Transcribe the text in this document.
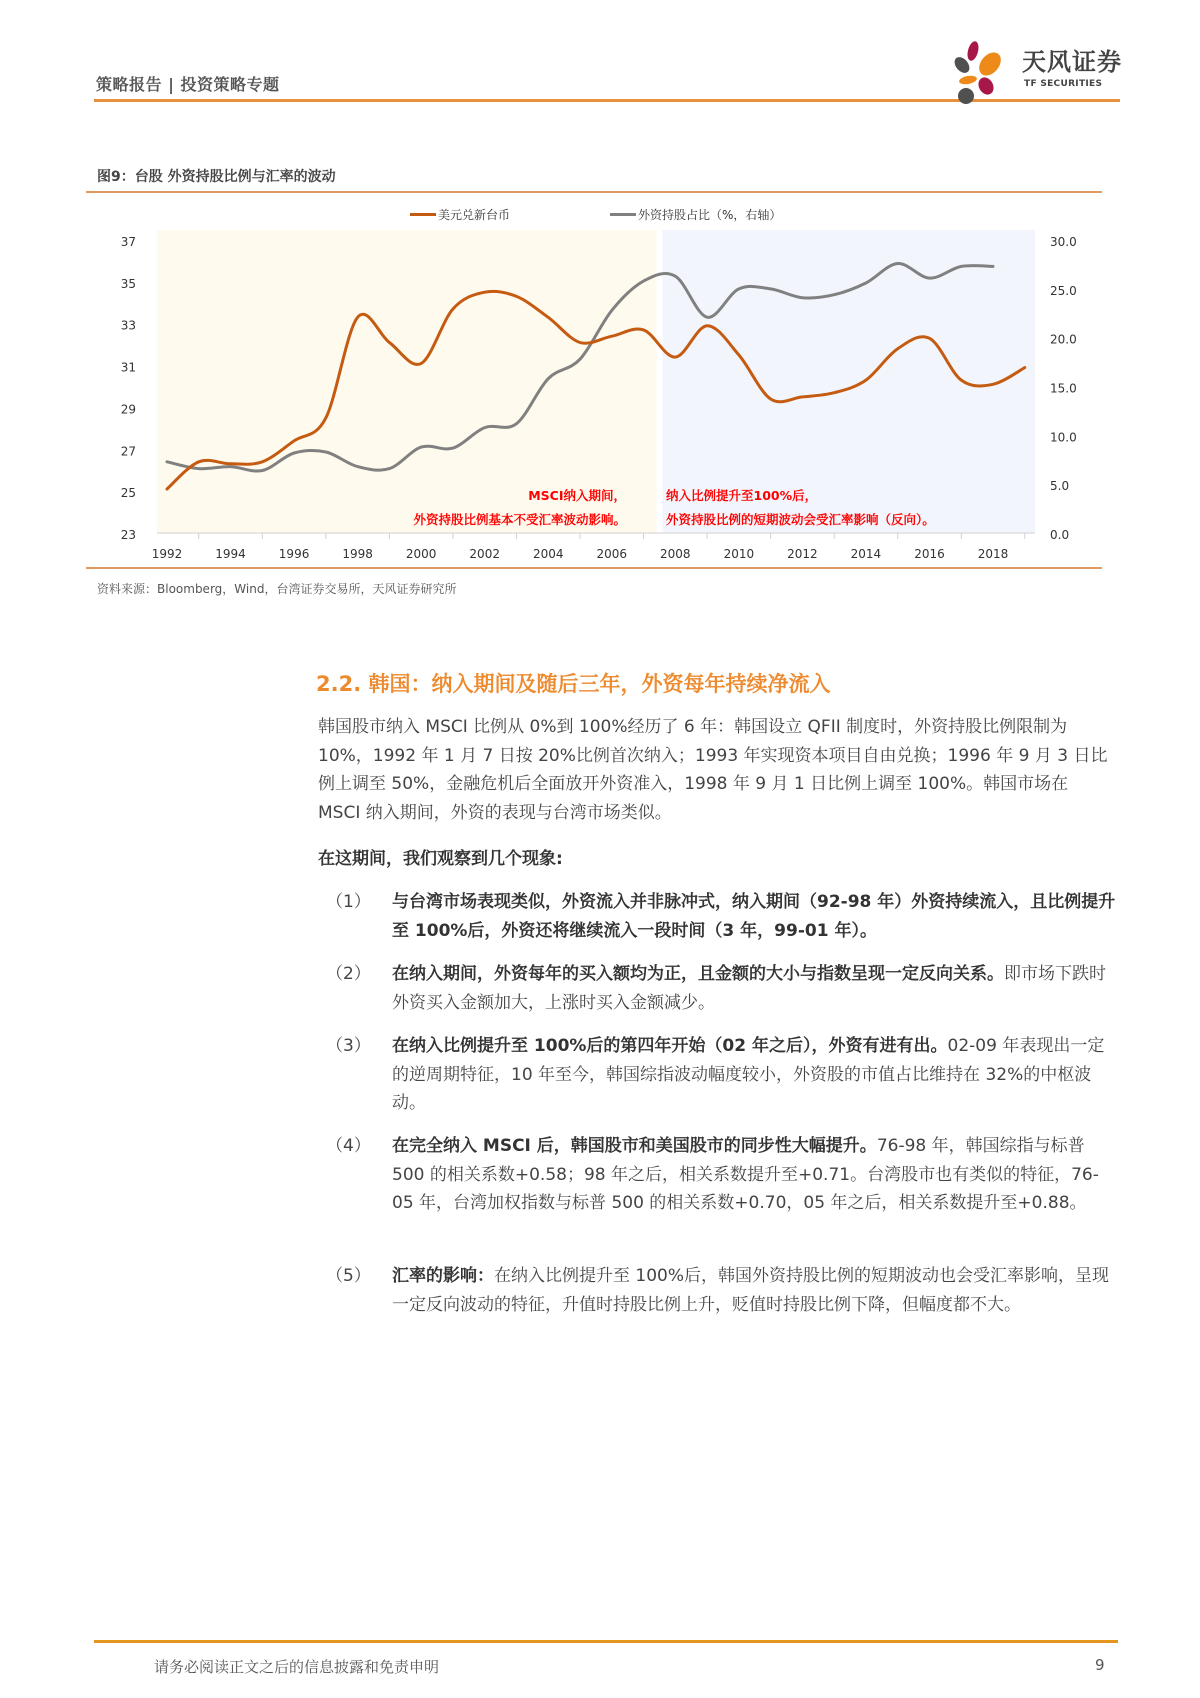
策略报告 | 投资策略专题
天风证券
TF SECURITIES
图9：台股 外资持股比例与汇率的波动
美元兑新台币	外资持股占比（%，右轴）
1992	1994	1996	1998	2000	2002	2004	2006	2008	2010	2012	2014	2016	2018
23
25
27
29
31
33
35
37
0.0
5.0
10.0
15.0
20.0
25.0
30.0
MSCI纳入期间，
外资持股比例基本不受汇率波动影响。
纳入比例提升至100%后，
外资持股比例的短期波动会受汇率影响（反向）。
资料来源：Bloomberg，Wind，台湾证券交易所，天风证券研究所
2.2. 韩国：纳入期间及随后三年，外资每年持续净流入
韩国股市纳入 MSCI 比例从 0%到 100%经历了 6 年：韩国设立 QFII 制度时，外资持股比例限制为 10%，1992 年 1 月 7 日按 20%比例首次纳入；1993 年实现资本项目自由兑换；1996 年 9 月 3 日比例上调至 50%，金融危机后全面放开外资准入，1998 年 9 月 1 日比例上调至 100%。韩国市场在 MSCI 纳入期间，外资的表现与台湾市场类似。
在这期间，我们观察到几个现象:
（1）	与台湾市场表现类似，外资流入并非脉冲式，纳入期间（92-98 年）外资持续流入，且比例提升至 100%后，外资还将继续流入一段时间（3 年，99-01 年）。
（2）	在纳入期间，外资每年的买入额均为正，且金额的大小与指数呈现一定反向关系。即市场下跌时外资买入金额加大，上涨时买入金额减少。
（3）	在纳入比例提升至 100%后的第四年开始（02 年之后），外资有进有出。02-09 年表现出一定的逆周期特征，10 年至今，韩国综指波动幅度较小，外资股的市值占比维持在 32%的中枢波动。
（4）	在完全纳入 MSCI 后，韩国股市和美国股市的同步性大幅提升。76-98 年，韩国综指与标普 500 的相关系数+0.58；98 年之后，相关系数提升至+0.71。台湾股市也有类似的特征，76-05 年，台湾加权指数与标普 500 的相关系数+0.70，05 年之后，相关系数提升至+0.88。
（5）	汇率的影响：在纳入比例提升至 100%后，韩国外资持股比例的短期波动也会受汇率影响，呈现一定反向波动的特征，升值时持股比例上升，贬值时持股比例下降，但幅度都不大。
请务必阅读正文之后的信息披露和免责申明	9
